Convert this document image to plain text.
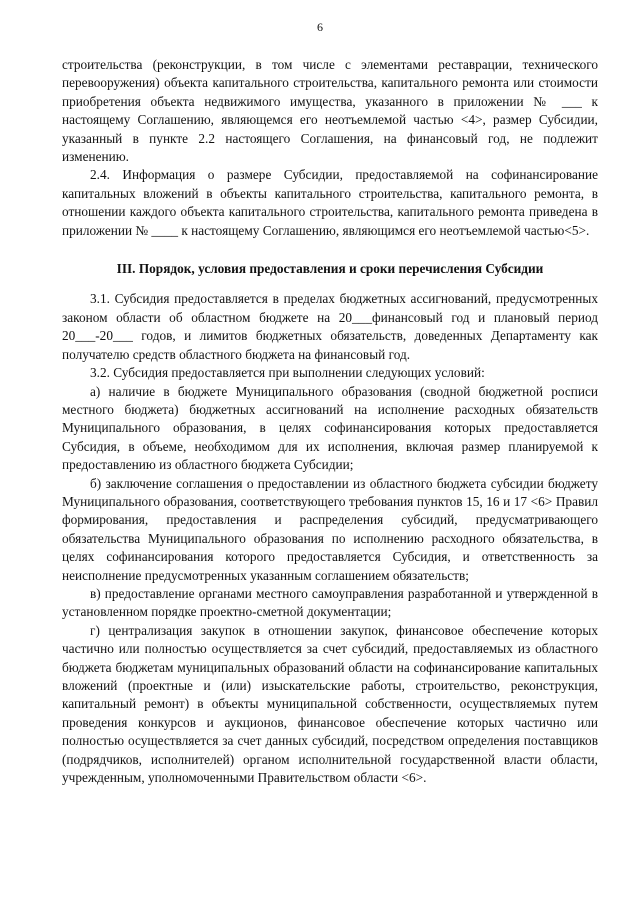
6

строительства (реконструкции, в том числе с элементами реставрации, технического перевооружения) объекта капитального строительства, капитального ремонта или стоимости приобретения объекта недвижимого имущества, указанного в приложении № ___ к настоящему Соглашению, являющемся его неотъемлемой частью <4>, размер Субсидии, указанный в пункте 2.2 настоящего Соглашения, на финансовый год, не подлежит изменению.

2.4. Информация о размере Субсидии, предоставляемой на софинансирование капитальных вложений в объекты капитального строительства, капитального ремонта, в отношении каждого объекта капитального строительства, капитального ремонта приведена в приложении № ____ к настоящему Соглашению, являющимся его неотъемлемой частью<5>.

III. Порядок, условия предоставления и сроки перечисления Субсидии

3.1. Субсидия предоставляется в пределах бюджетных ассигнований, предусмотренных законом области об областном бюджете на 20___финансовый год и плановый период 20___-20___ годов, и лимитов бюджетных обязательств, доведенных Департаменту как получателю средств областного бюджета на финансовый год.

3.2. Субсидия предоставляется при выполнении следующих условий:

а) наличие в бюджете Муниципального образования (сводной бюджетной росписи местного бюджета) бюджетных ассигнований на исполнение расходных обязательств Муниципального образования, в целях софинансирования которых предоставляется Субсидия, в объеме, необходимом для их исполнения, включая размер планируемой к предоставлению из областного бюджета Субсидии;

б) заключение соглашения о предоставлении из областного бюджета субсидии бюджету Муниципального образования, соответствующего требования пунктов 15, 16 и 17 <6> Правил формирования, предоставления и распределения субсидий, предусматривающего обязательства Муниципального образования по исполнению расходного обязательства, в целях софинансирования которого предоставляется Субсидия, и ответственность за неисполнение предусмотренных указанным соглашением обязательств;

в) предоставление органами местного самоуправления разработанной и утвержденной в установленном порядке проектно-сметной документации;

г) централизация закупок в отношении закупок, финансовое обеспечение которых частично или полностью осуществляется за счет субсидий, предоставляемых из областного бюджета бюджетам муниципальных образований области на софинансирование капитальных вложений (проектные и (или) изыскательские работы, строительство, реконструкция, капитальный ремонт) в объекты муниципальной собственности, осуществляемых путем проведения конкурсов и аукционов, финансовое обеспечение которых частично или полностью осуществляется за счет данных субсидий, посредством определения поставщиков (подрядчиков, исполнителей) органом исполнительной государственной власти области, учрежденным, уполномоченными Правительством области <6>.
